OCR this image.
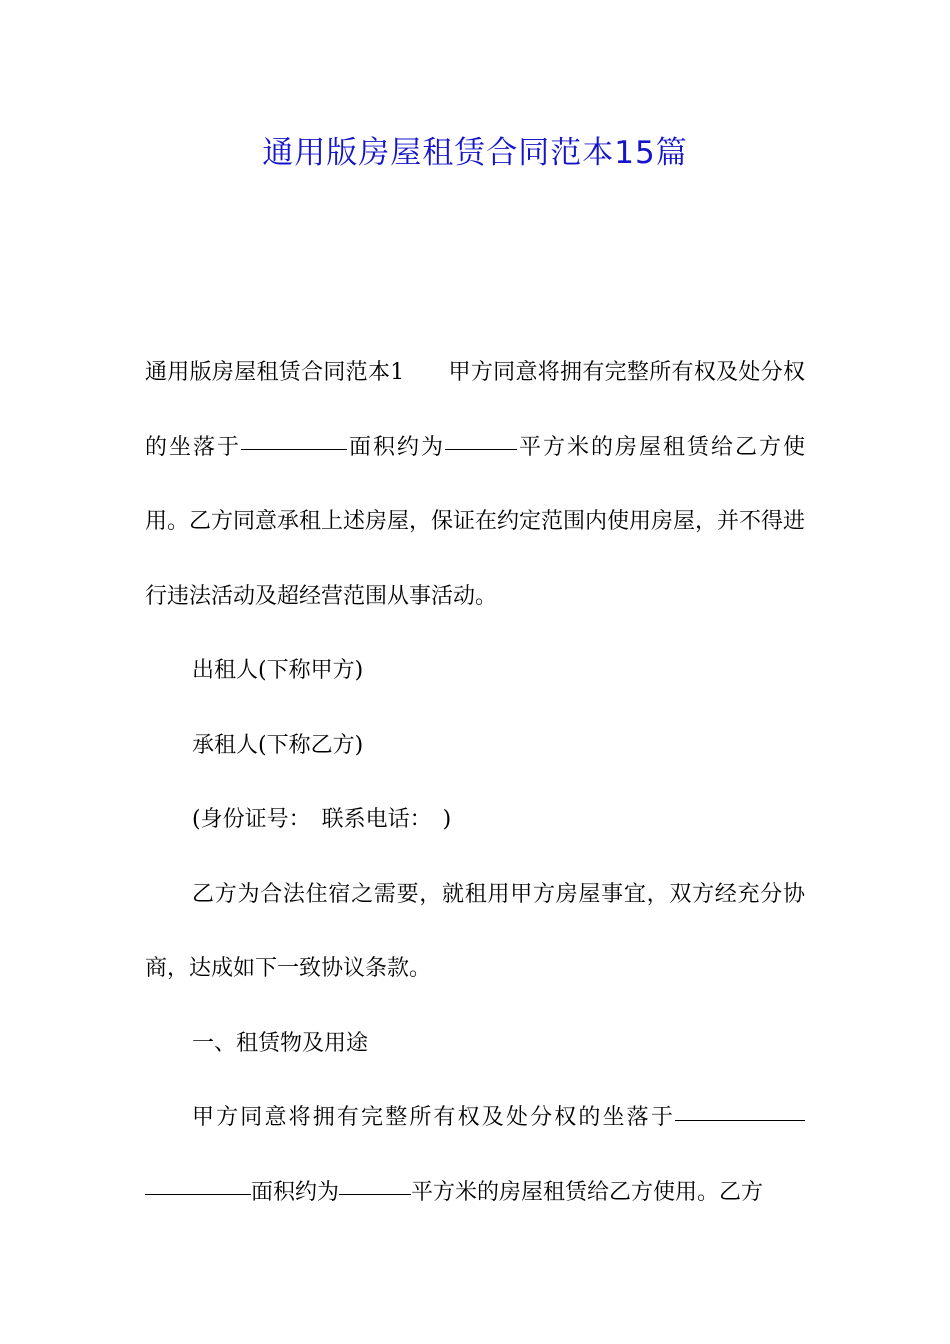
通用版房屋租赁合同范本15篇

通用版房屋租赁合同范本1 甲方同意将拥有完整所有权及处分权的坐落于	面积约为	平方米的房屋租赁给乙方使用。乙方同意承租上述房屋，保证在约定范围内使用房屋，并不得进行违法活动及超经营范围从事活动。

出租人(下称甲方)

承租人(下称乙方)

(身份证号：　联系电话：　)

乙方为合法住宿之需要，就租用甲方房屋事宜，双方经充分协商，达成如下一致协议条款。

一、租赁物及用途

甲方同意将拥有完整所有权及处分权的坐落于面积约为	平方米的房屋租赁给乙方使用。乙方
